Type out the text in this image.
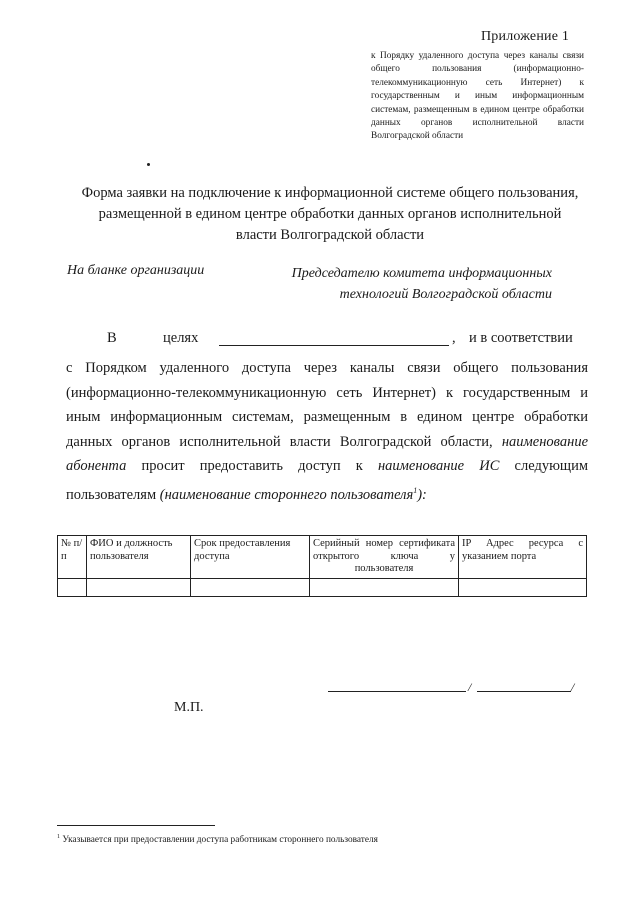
Приложение 1
к Порядку удаленного доступа через каналы связи общего пользования (информационно-телекоммуникационную сеть Интернет) к государственным и иным информационным системам, размещенным в едином центре обработки данных органов исполнительной власти Волгоградской области
Форма заявки на подключение к информационной системе общего пользования, размещенной в едином центре обработки данных органов исполнительной власти Волгоградской области
На бланке организации	Председателю комитета информационных технологий Волгоградской области
В	целях	, и в соответствии
с Порядком удаленного доступа через каналы связи общего пользования (информационно-телекоммуникационную сеть Интернет) к государственным и иным информационным системам, размещенным в едином центре обработки данных органов исполнительной власти Волгоградской области, наименование абонента просит предоставить доступ к наименование ИС следующим пользователям (наименование стороннего пользователя$^1$):
№ п/п	ФИО и должность пользователя	Срок предоставления доступа	Серийный номер сертификата открытого ключа у пользователя	IP Адрес ресурса с указанием порта

/	/
М.П.
$^1$ Указывается при предоставлении доступа работникам стороннего пользователя
